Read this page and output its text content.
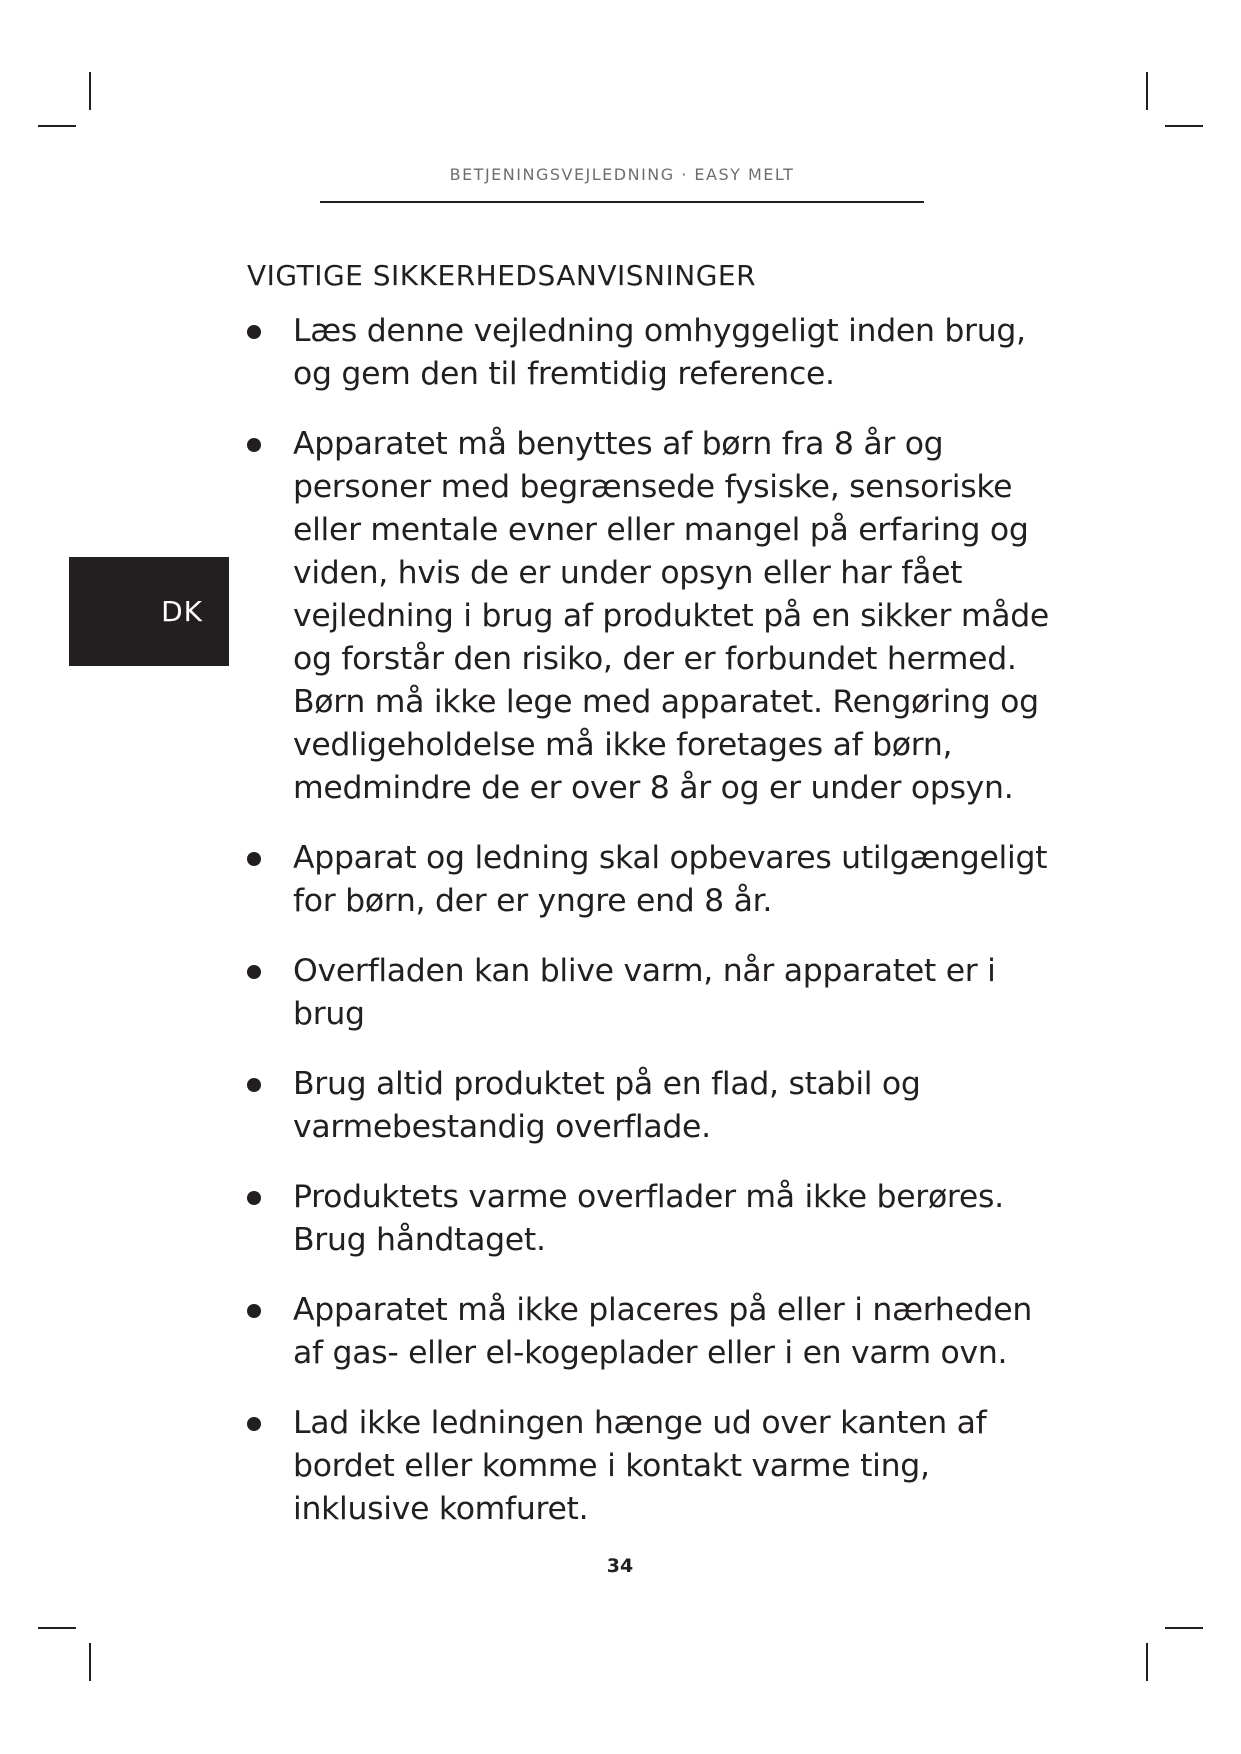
BETJENINGSVEJLEDNING · EASY MELT
DK
VIGTIGE SIKKERHEDSANVISNINGER
Læs denne vejledning omhyggeligt inden brug, og gem den til fremtidig reference.
Apparatet må benyttes af børn fra 8 år og personer med begrænsede fysiske, sensoriske eller mentale evner eller mangel på erfaring og viden, hvis de er under opsyn eller har fået vejledning i brug af produktet på en sikker måde og forstår den risiko, der er forbundet hermed. Børn må ikke lege med apparatet. Rengøring og vedligeholdelse må ikke foretages af børn, medmindre de er over 8 år og er under opsyn.
Apparat og ledning skal opbevares utilgængeligt for børn, der er yngre end 8 år.
Overfladen kan blive varm, når apparatet er i brug
Brug altid produktet på en flad, stabil og varmebestandig overflade.
Produktets varme overflader må ikke berøres. Brug håndtaget.
Apparatet må ikke placeres på eller i nærheden af gas- eller el-kogeplader eller i en varm ovn.
Lad ikke ledningen hænge ud over kanten af bordet eller komme i kontakt varme ting, inklusive komfuret.
34
